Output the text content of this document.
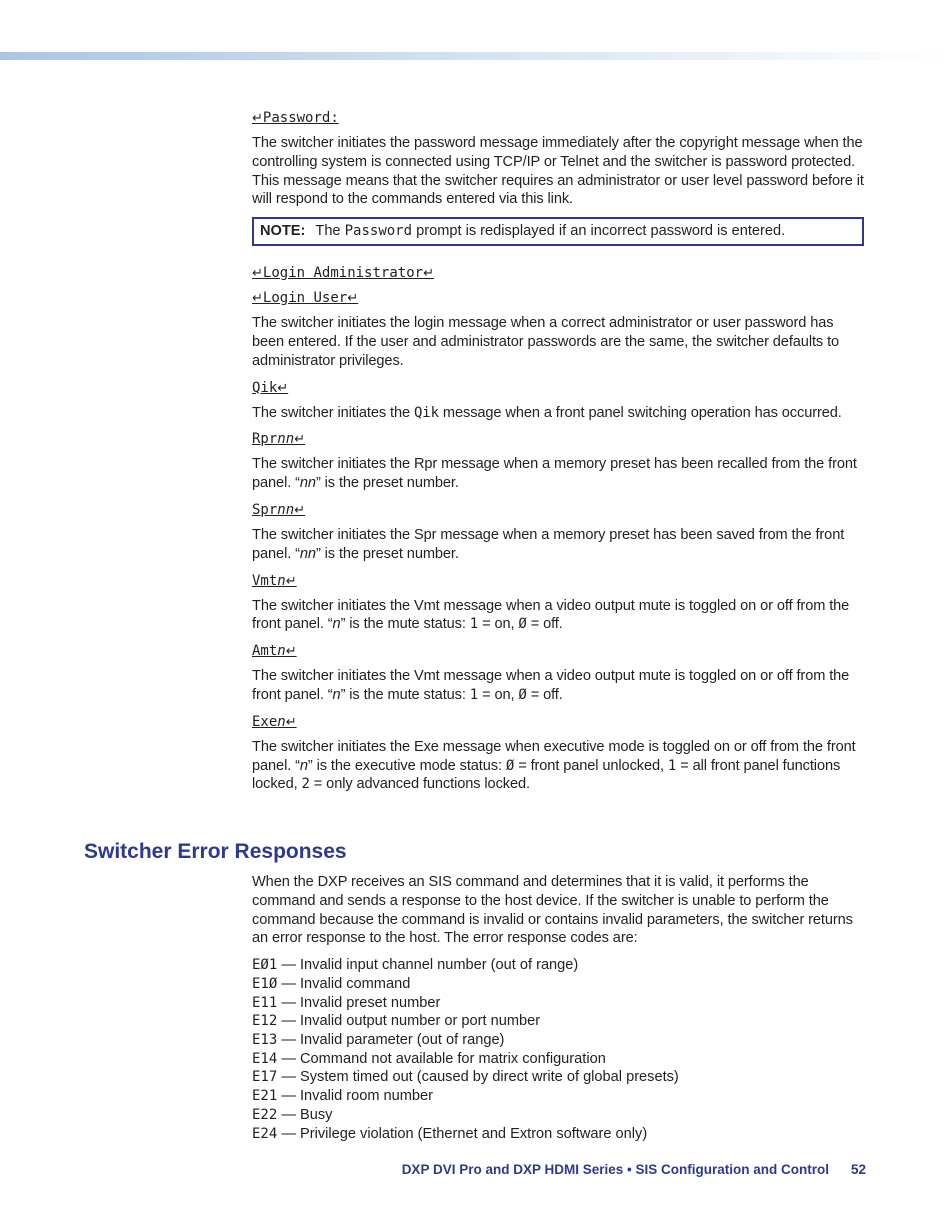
↵Password:

The switcher initiates the password message immediately after the copyright message when the controlling system is connected using TCP/IP or Telnet and the switcher is password protected. This message means that the switcher requires an administrator or user level password before it will respond to the commands entered via this link.

NOTE: The Password prompt is redisplayed if an incorrect password is entered.
↵Login Administrator↵
↵Login User↵

The switcher initiates the login message when a correct administrator or user password has been entered. If the user and administrator passwords are the same, the switcher defaults to administrator privileges.

Qik↵

The switcher initiates the Qik message when a front panel switching operation has occurred.

Rprnn↵

The switcher initiates the Rpr message when a memory preset has been recalled from the front panel. “nn” is the preset number.

Sprnn↵

The switcher initiates the Spr message when a memory preset has been saved from the front panel. “nn” is the preset number.

Vmtn↵

The switcher initiates the Vmt message when a video output mute is toggled on or off from the front panel. “n” is the mute status: 1 = on, Ø = off.

Amtn↵

The switcher initiates the Vmt message when a video output mute is toggled on or off from the front panel. “n” is the mute status: 1 = on, Ø = off.

Exen↵

The switcher initiates the Exe message when executive mode is toggled on or off from the front panel. “n” is the executive mode status: Ø = front panel unlocked, 1 = all front panel functions locked, 2 = only advanced functions locked.

Switcher Error Responses

When the DXP receives an SIS command and determines that it is valid, it performs the command and sends a response to the host device. If the switcher is unable to perform the command because the command is invalid or contains invalid parameters, the switcher returns an error response to the host. The error response codes are:

EØ1 — Invalid input channel number (out of range)
E1Ø — Invalid command
E11 — Invalid preset number
E12 — Invalid output number or port number
E13 — Invalid parameter (out of range)
E14 — Command not available for matrix configuration
E17 — System timed out (caused by direct write of global presets)
E21 — Invalid room number
E22 — Busy
E24 — Privilege violation (Ethernet and Extron software only)
DXP DVI Pro and DXP HDMI Series • SIS Configuration and Control 52
